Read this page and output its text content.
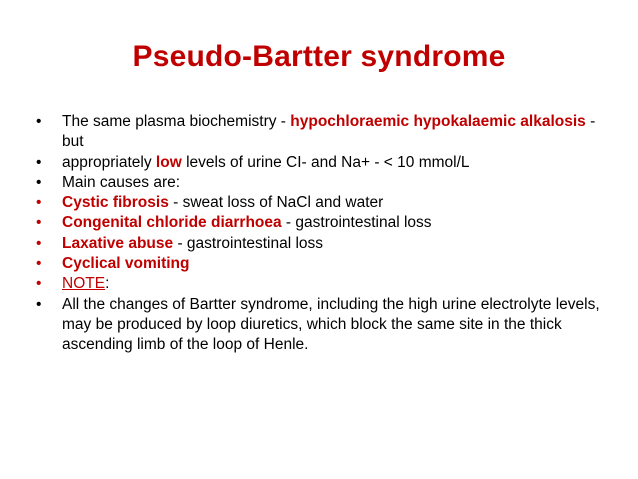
Pseudo-Bartter syndrome
• The same plasma biochemistry - hypochloraemic hypokalaemic alkalosis - but
• appropriately low levels of urine CI- and Na+ - < 10 mmol/L
• Main causes are:
• Cystic fibrosis - sweat loss of NaCl and water
• Congenital chloride diarrhoea - gastrointestinal loss
• Laxative abuse - gastrointestinal loss
• Cyclical vomiting
• NOTE:
• All the changes of Bartter syndrome, including the high urine electrolyte levels, may be produced by loop diuretics, which block the same site in the thick ascending limb of the loop of Henle.
